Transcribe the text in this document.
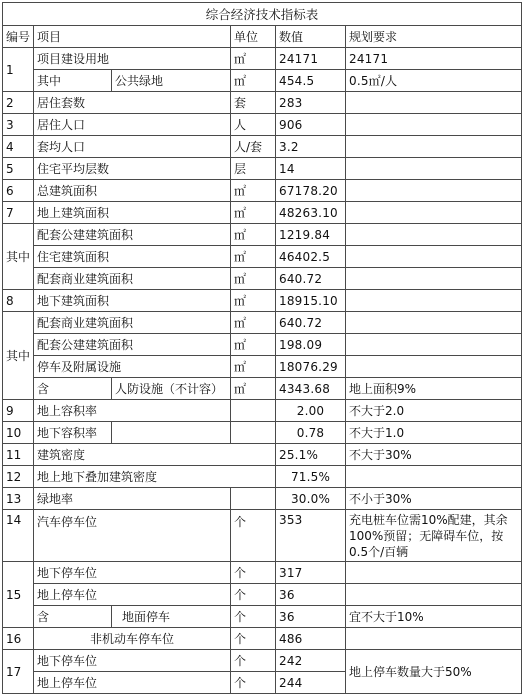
综合经济技术指标表					
编号	项目		单位	数值	规划要求
1	项目建设用地		㎡	24171	24171
	其中	公共绿地	㎡	454.5	0.5㎡/人
2	居住套数		套	283	
3	居住人口		人	906	
4	套均人口		人/套	3.2	
5	住宅平均层数		层	14	
6	总建筑面积		㎡	67178.20	
7	地上建筑面积		㎡	48263.10	
其中	配套公建建筑面积		㎡	1219.84	
	住宅建筑面积		㎡	46402.5	
	配套商业建筑面积		㎡	640.72	
8	地下建筑面积		㎡	18915.10	
其中	配套商业建筑面积		㎡	640.72	
	配套公建建筑面积		㎡	198.09	
	停车及附属设施		㎡	18076.29	
	含	人防设施（不计容）	㎡	4343.68	地上面积9%
9	地上容积率			2.00	不大于2.0
10	地下容积率			0.78	不大于1.0
11	建筑密度			25.1%	不大于30%
12	地上地下叠加建筑密度			71.5%	
13	绿地率			30.0%	不小于30%
14	汽车停车位		个	353	充电桩车位需10%配建，其余100%预留；无障碍车位，按0.5个/百辆
15	地下停车位		个	317	
	地上停车位		个	36	
	含	地面停车	个	36	宜不大于10%
16	非机动车停车位		个	486	
17	地下停车位		个	242	地上停车数量大于50%
	地上停车位		个	244	
